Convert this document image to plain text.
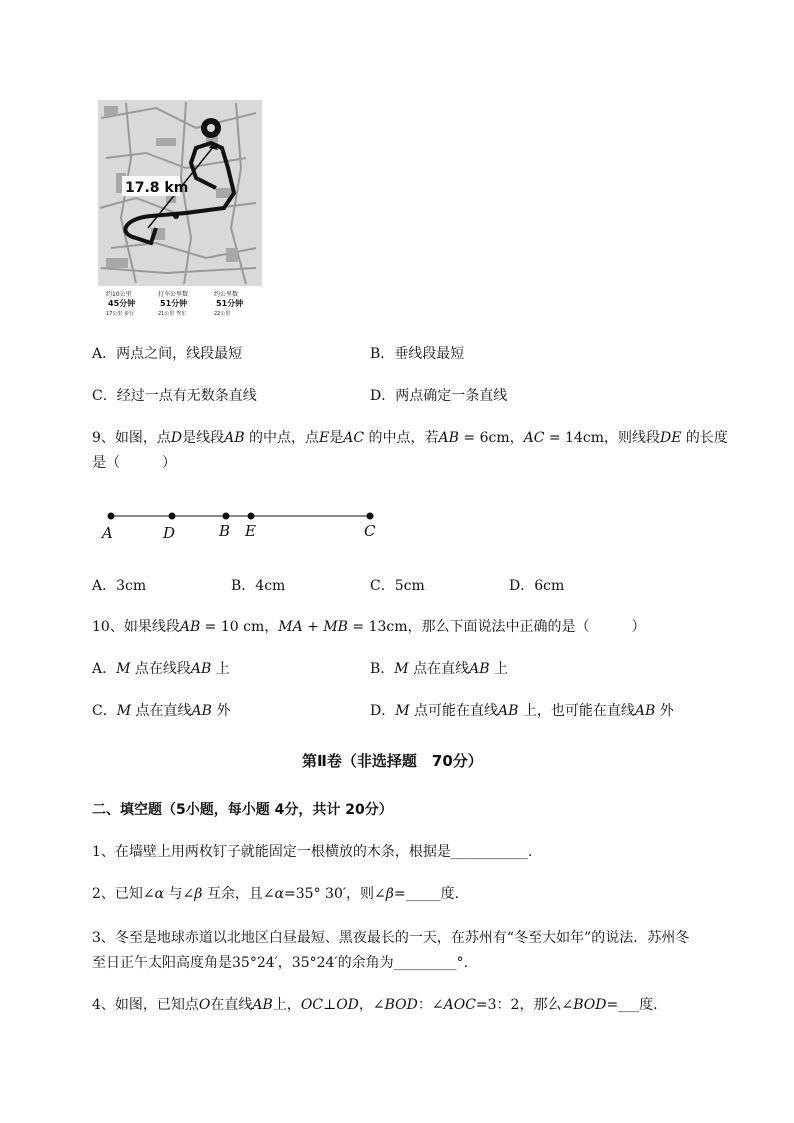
17.8 km
约10公里
45分钟
17公里 步行
打车公里数
51分钟
21公里 驾车
约公里数
51分钟
22公里
A．两点之间，线段最短	B．垂线段最短
C．经过一点有无数条直线	D．两点确定一条直线
9、如图，点D是线段AB 的中点，点E是AC 的中点，若AB = 6cm，AC = 14cm，则线段DE 的长度
是（　　　）
A	D	B E	C
A．3cm	B．4cm	C．5cm	D．6cm
10、如果线段AB = 10 cm，MA + MB = 13cm，那么下面说法中正确的是（　　　）
A．M 点在线段AB 上	B．M 点在直线AB 上
C．M 点在直线AB 外	D．M 点可能在直线AB 上，也可能在直线AB 外
第Ⅱ卷（非选择题　70分）
二、填空题（5小题，每小题 4分，共计 20分）
1、在墙壁上用两枚钉子就能固定一根横放的木条，根据是___________.
2、已知∠α 与∠β 互余，且∠α=35° 30′，则∠β=_____度.
3、冬至是地球赤道以北地区白昼最短、黑夜最长的一天，在苏州有“冬至大如年”的说法．苏州冬
至日正午太阳高度角是35°24′，35°24′的余角为_________°.
4、如图，已知点O在直线AB上，OC⊥OD，∠BOD：∠AOC=3：2，那么∠BOD=___度.
